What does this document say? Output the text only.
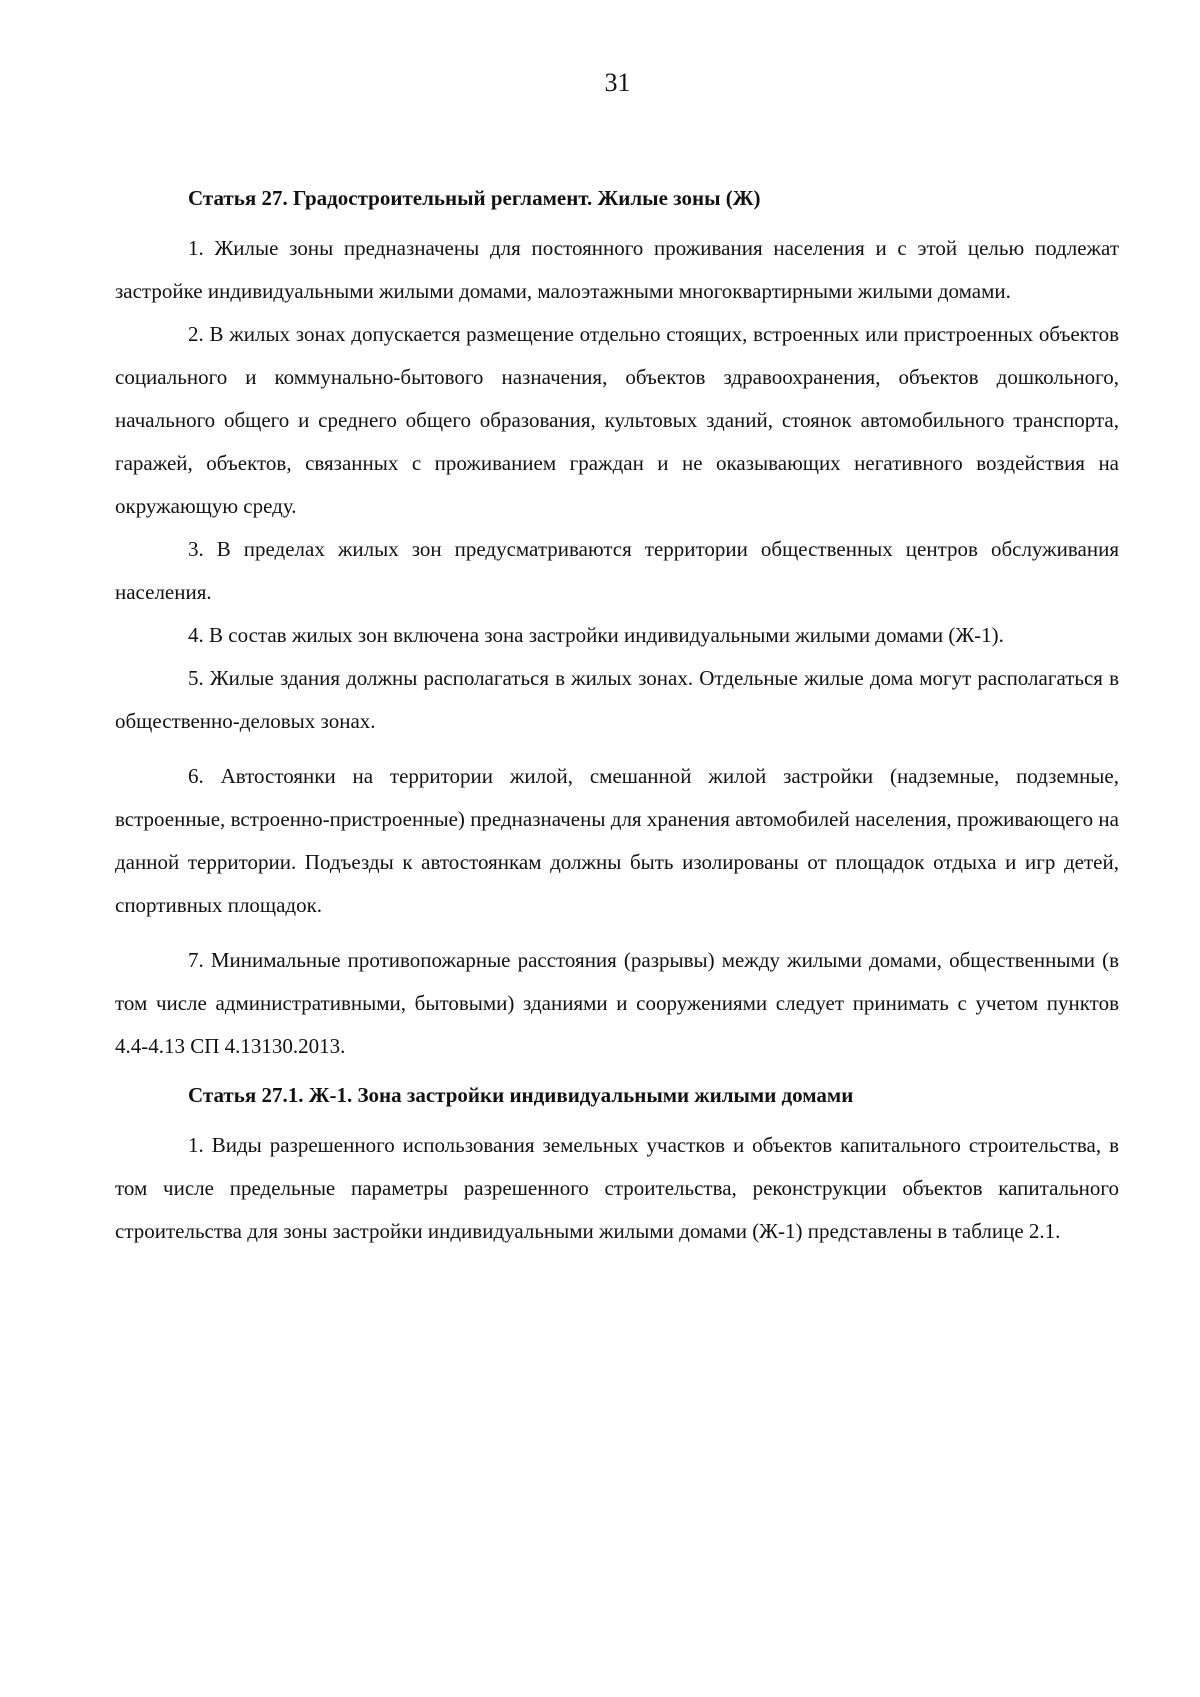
31
Статья 27. Градостроительный регламент. Жилые зоны (Ж)

1. Жилые зоны предназначены для постоянного проживания населения и с этой целью подлежат застройке индивидуальными жилыми домами, малоэтажными многоквартирными жилыми домами.

2. В жилых зонах допускается размещение отдельно стоящих, встроенных или пристроенных объектов социального и коммунально-бытового назначения, объектов здравоохранения, объектов дошкольного, начального общего и среднего общего образования, культовых зданий, стоянок автомобильного транспорта, гаражей, объектов, связанных с проживанием граждан и не оказывающих негативного воздействия на окружающую среду.

3. В пределах жилых зон предусматриваются территории общественных центров обслуживания населения.

4. В состав жилых зон включена зона застройки индивидуальными жилыми домами (Ж-1).

5. Жилые здания должны располагаться в жилых зонах. Отдельные жилые дома могут располагаться в общественно-деловых зонах.

6. Автостоянки на территории жилой, смешанной жилой застройки (надземные, подземные, встроенные, встроенно-пристроенные) предназначены для хранения автомобилей населения, проживающего на данной территории. Подъезды к автостоянкам должны быть изолированы от площадок отдыха и игр детей, спортивных площадок.

7. Минимальные противопожарные расстояния (разрывы) между жилыми домами, общественными (в том числе административными, бытовыми) зданиями и сооружениями следует принимать с учетом пунктов 4.4-4.13 СП 4.13130.2013.

Статья 27.1. Ж-1. Зона застройки индивидуальными жилыми домами

1. Виды разрешенного использования земельных участков и объектов капитального строительства, в том числе предельные параметры разрешенного строительства, реконструкции объектов капитального строительства для зоны застройки индивидуальными жилыми домами (Ж-1) представлены в таблице 2.1.
